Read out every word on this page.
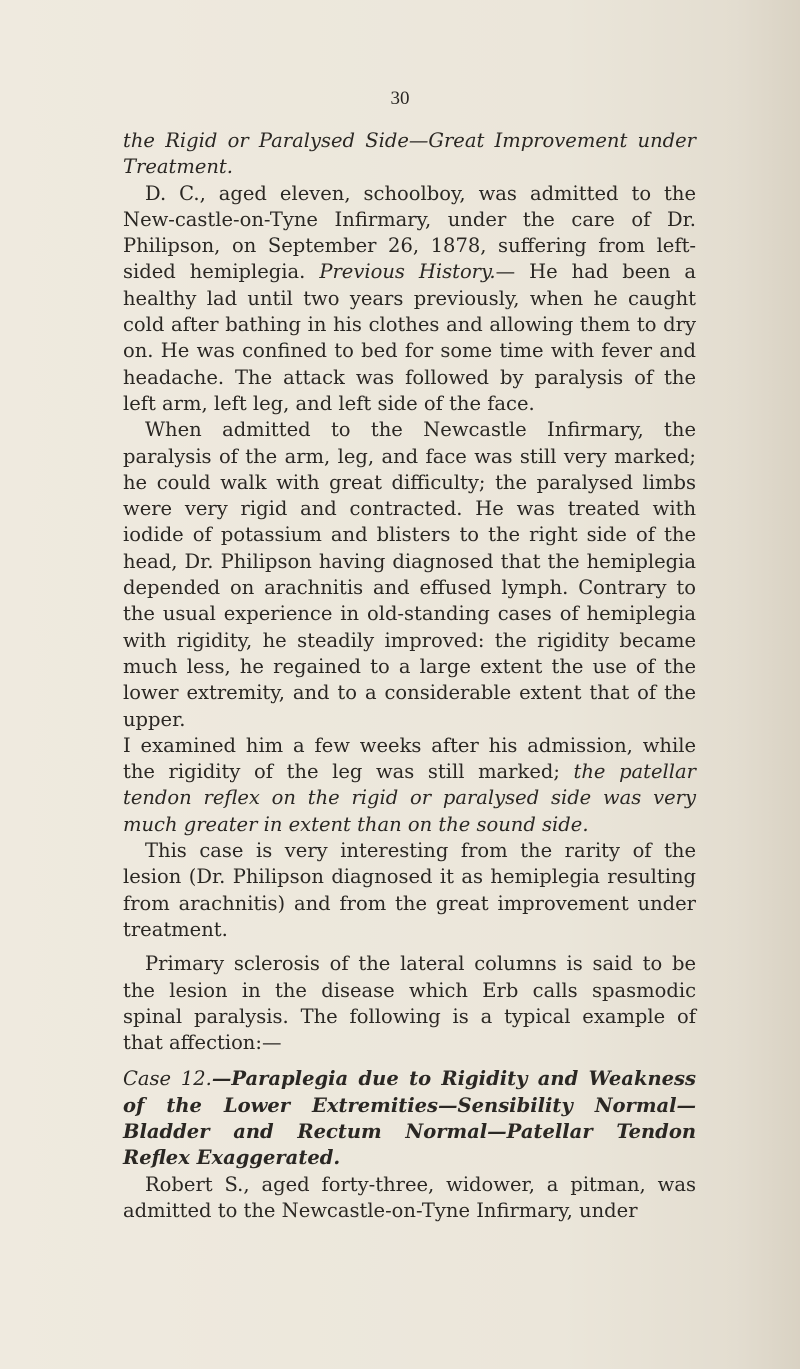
30

the Rigid or Paralysed Side—Great Improvement under Treatment.

D. C., aged eleven, schoolboy, was admitted to the New-castle-on-Tyne Infirmary, under the care of Dr. Philipson, on September 26, 1878, suffering from left-sided hemiplegia. Previous History.— He had been a healthy lad until two years previously, when he caught cold after bathing in his clothes and allowing them to dry on. He was confined to bed for some time with fever and headache. The attack was followed by paralysis of the left arm, left leg, and left side of the face.

When admitted to the Newcastle Infirmary, the paralysis of the arm, leg, and face was still very marked; he could walk with great difficulty; the paralysed limbs were very rigid and contracted. He was treated with iodide of potassium and blisters to the right side of the head, Dr. Philipson having diagnosed that the hemiplegia depended on arachnitis and effused lymph. Contrary to the usual experience in old-standing cases of hemiplegia with rigidity, he steadily improved: the rigidity became much less, he regained to a large extent the use of the lower extremity, and to a considerable extent that of the upper.

I examined him a few weeks after his admission, while the rigidity of the leg was still marked; the patellar tendon reflex on the rigid or paralysed side was very much greater in extent than on the sound side.

This case is very interesting from the rarity of the lesion (Dr. Philipson diagnosed it as hemiplegia resulting from arachnitis) and from the great improvement under treatment.

Primary sclerosis of the lateral columns is said to be the lesion in the disease which Erb calls spasmodic spinal paralysis. The following is a typical example of that affection:—

Case 12.—Paraplegia due to Rigidity and Weakness of the Lower Extremities—Sensibility Normal—Bladder and Rectum Normal—Patellar Tendon Reflex Exaggerated.

Robert S., aged forty-three, widower, a pitman, was admitted to the Newcastle-on-Tyne Infirmary, under
